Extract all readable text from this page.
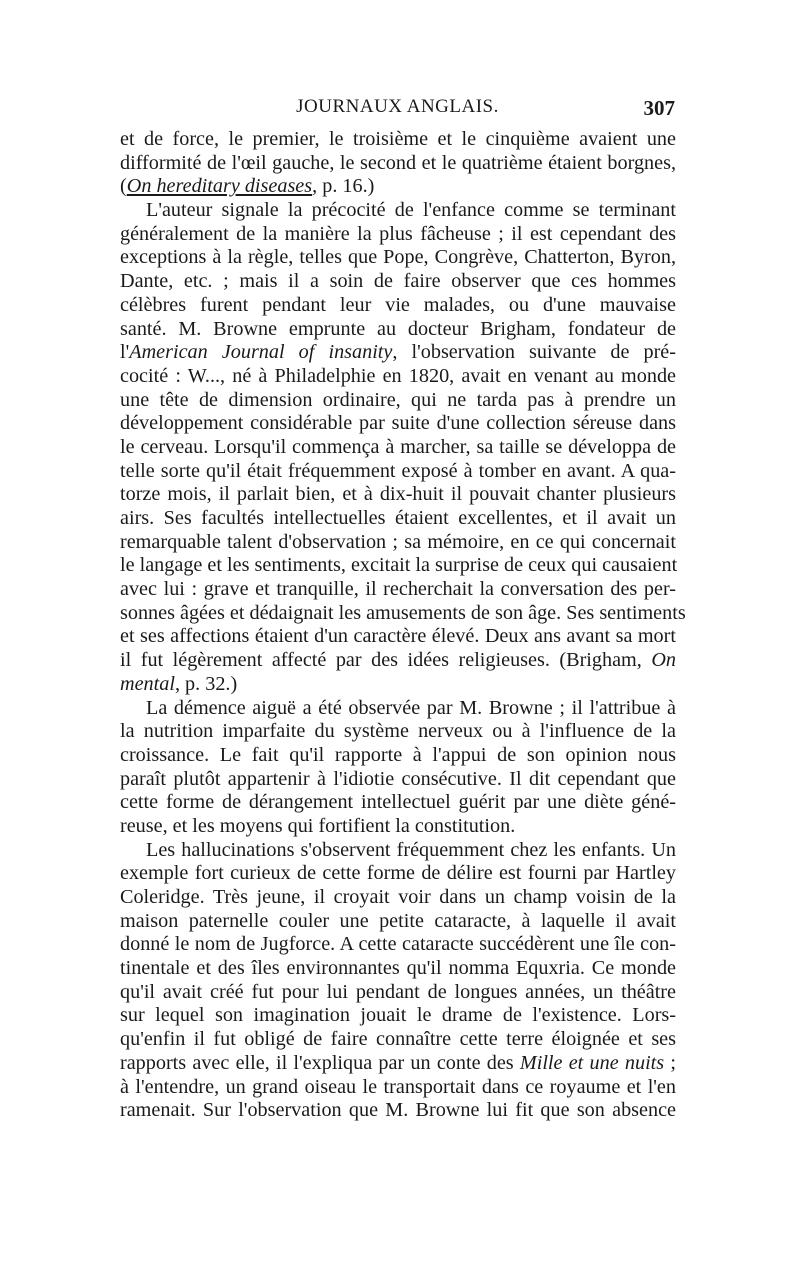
JOURNAUX ANGLAIS.	307
et de force, le premier, le troisième et le cinquième avaient une
difformité de l'œil gauche, le second et le quatrième étaient borgnes,
(On hereditary diseases, p. 16.)
L'auteur signale la précocité de l'enfance comme se terminant
généralement de la manière la plus fâcheuse ; il est cependant des
exceptions à la règle, telles que Pope, Congrève, Chatterton, Byron,
Dante, etc. ; mais il a soin de faire observer que ces hommes
célèbres furent pendant leur vie malades, ou d'une mauvaise
santé. M. Browne emprunte au docteur Brigham, fondateur de
l'American Journal of insanity, l'observation suivante de pré-
cocité : W..., né à Philadelphie en 1820, avait en venant au monde
une tête de dimension ordinaire, qui ne tarda pas à prendre un
développement considérable par suite d'une collection séreuse dans
le cerveau. Lorsqu'il commença à marcher, sa taille se développa de
telle sorte qu'il était fréquemment exposé à tomber en avant. A qua-
torze mois, il parlait bien, et à dix-huit il pouvait chanter plusieurs
airs. Ses facultés intellectuelles étaient excellentes, et il avait un
remarquable talent d'observation ; sa mémoire, en ce qui concernait
le langage et les sentiments, excitait la surprise de ceux qui causaient
avec lui : grave et tranquille, il recherchait la conversation des per-
sonnes âgées et dédaignait les amusements de son âge. Ses sentiments
et ses affections étaient d'un caractère élevé. Deux ans avant sa mort
il fut légèrement affecté par des idées religieuses. (Brigham, On
mental, p. 32.)
La démence aiguë a été observée par M. Browne ; il l'attribue à
la nutrition imparfaite du système nerveux ou à l'influence de la
croissance. Le fait qu'il rapporte à l'appui de son opinion nous
paraît plutôt appartenir à l'idiotie consécutive. Il dit cependant que
cette forme de dérangement intellectuel guérit par une diète géné-
reuse, et les moyens qui fortifient la constitution.
Les hallucinations s'observent fréquemment chez les enfants. Un
exemple fort curieux de cette forme de délire est fourni par Hartley
Coleridge. Très jeune, il croyait voir dans un champ voisin de la
maison paternelle couler une petite cataracte, à laquelle il avait
donné le nom de Jugforce. A cette cataracte succédèrent une île con-
tinentale et des îles environnantes qu'il nomma Equxria. Ce monde
qu'il avait créé fut pour lui pendant de longues années, un théâtre
sur lequel son imagination jouait le drame de l'existence. Lors-
qu'enfin il fut obligé de faire connaître cette terre éloignée et ses
rapports avec elle, il l'expliqua par un conte des Mille et une nuits ;
à l'entendre, un grand oiseau le transportait dans ce royaume et l'en
ramenait. Sur l'observation que M. Browne lui fit que son absence
